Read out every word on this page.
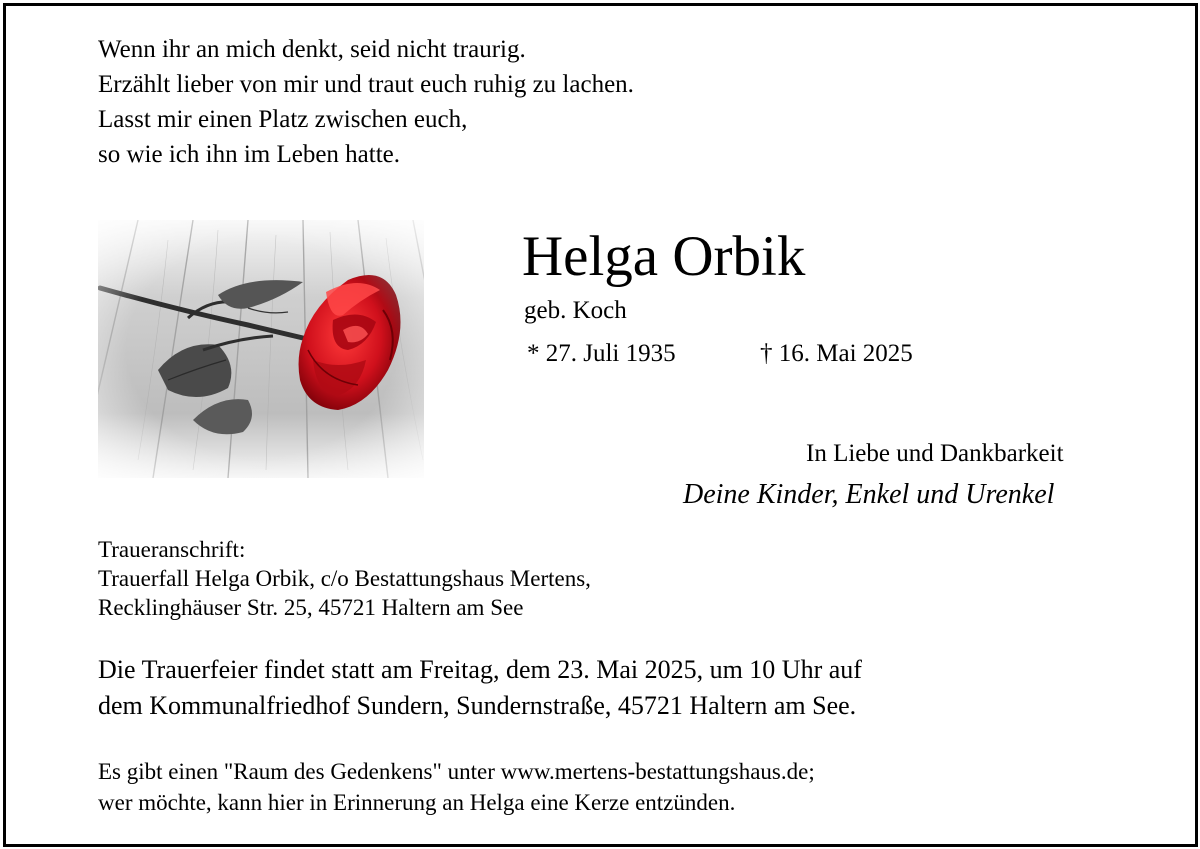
Wenn ihr an mich denkt, seid nicht traurig.
Erzählt lieber von mir und traut euch ruhig zu lachen.
Lasst mir einen Platz zwischen euch,
so wie ich ihn im Leben hatte.
Helga Orbik
geb. Koch
* 27. Juli 1935	† 16. Mai 2025
In Liebe und Dankbarkeit
Deine Kinder, Enkel und Urenkel
Traueranschrift:
Trauerfall Helga Orbik, c/o Bestattungshaus Mertens,
Recklinghäuser Str. 25, 45721 Haltern am See
Die Trauerfeier findet statt am Freitag, dem 23. Mai 2025, um 10 Uhr auf
dem Kommunalfriedhof Sundern, Sundernstraße, 45721 Haltern am See.
Es gibt einen "Raum des Gedenkens" unter www.mertens-bestattungshaus.de;
wer möchte, kann hier in Erinnerung an Helga eine Kerze entzünden.
